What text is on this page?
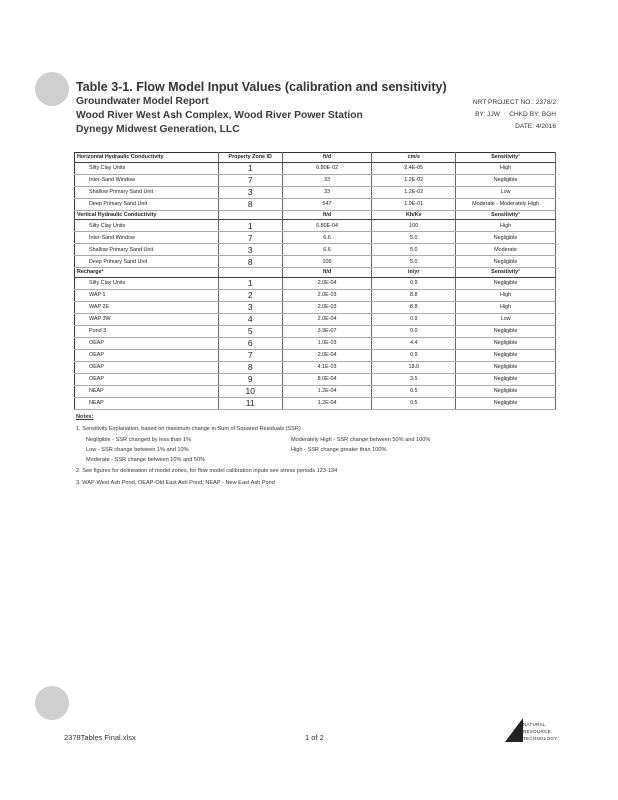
Table 3-1. Flow Model Input Values (calibration and sensitivity)
Groundwater Model Report
Wood River West Ash Complex, Wood River Power Station
Dynegy Midwest Generation, LLC
NRT PROJECT NO.: 2378/2
BY: JJW CHKD BY: BGH
DATE: 4/2016
Horizontal Hydraulic Conductivity	Property Zone ID	ft/d	cm/s	Sensitivity¹
Silty Clay Units	1	6.80E-02	2.4E-05	High
Inter-Sand Window	7	33	1.2E-02	Negligible
Shallow Primary Sand Unit	3	33	1.2E-02	Low
Deep Primary Sand Unit	8	547	1.9E-01	Moderate - Moderately High
Vertical Hydraulic Conductivity		ft/d	Kh/Kv	Sensitivity¹
Silty Clay Units	1	6.80E-04	100	High
Inter-Sand Window	7	6.6	5.0	Negligible
Shallow Primary Sand Unit	3	6.6	5.0	Moderate
Deep Primary Sand Unit	8	109	5.0	Negligible
Recharge²		ft/d	in/yr	Sensitivity¹
Silty Clay Units	1	2.0E-04	0.9	Negligible
WAP 1	2	2.0E-03	8.8	High
WAP 2E	3	2.0E-03	8.8	High
WAP 3W	4	2.0E-04	0.9	Low
Pond 3	5	3.9E-07	0.0	Negligible
OEAP	6	1.0E-03	4.4	Negligible
OEAP	7	2.0E-04	0.9	Negligible
OEAP	8	4.1E-03	18.0	Negligible
OEAP	9	8.0E-04	3.5	Negligible
NEAP	10	1.2E-04	0.5	Negligible
NEAP	11	1.2E-04	0.5	Negligible
Notes:
1. Sensitivity Explanation, based on maximum change in Sum of Squared Residuals (SSR)
Negligible - SSR changed by less than 1%	Moderately High - SSR change between 50% and 100%
Low - SSR change between 1% and 10%	High - SSR change greater than 100%
Moderate - SSR change between 10% and 50%
2. See figures for delineation of model zones, for flow model calibration inputs see stress periods 123-134
3. WAP-West Ash Pond, OEAP-Old East Ash Pond, NEAP - New East Ash Pond
2378Tables Final.xlsx	1 of 2
NATURAL
RESOURCE
TECHNOLOGY
